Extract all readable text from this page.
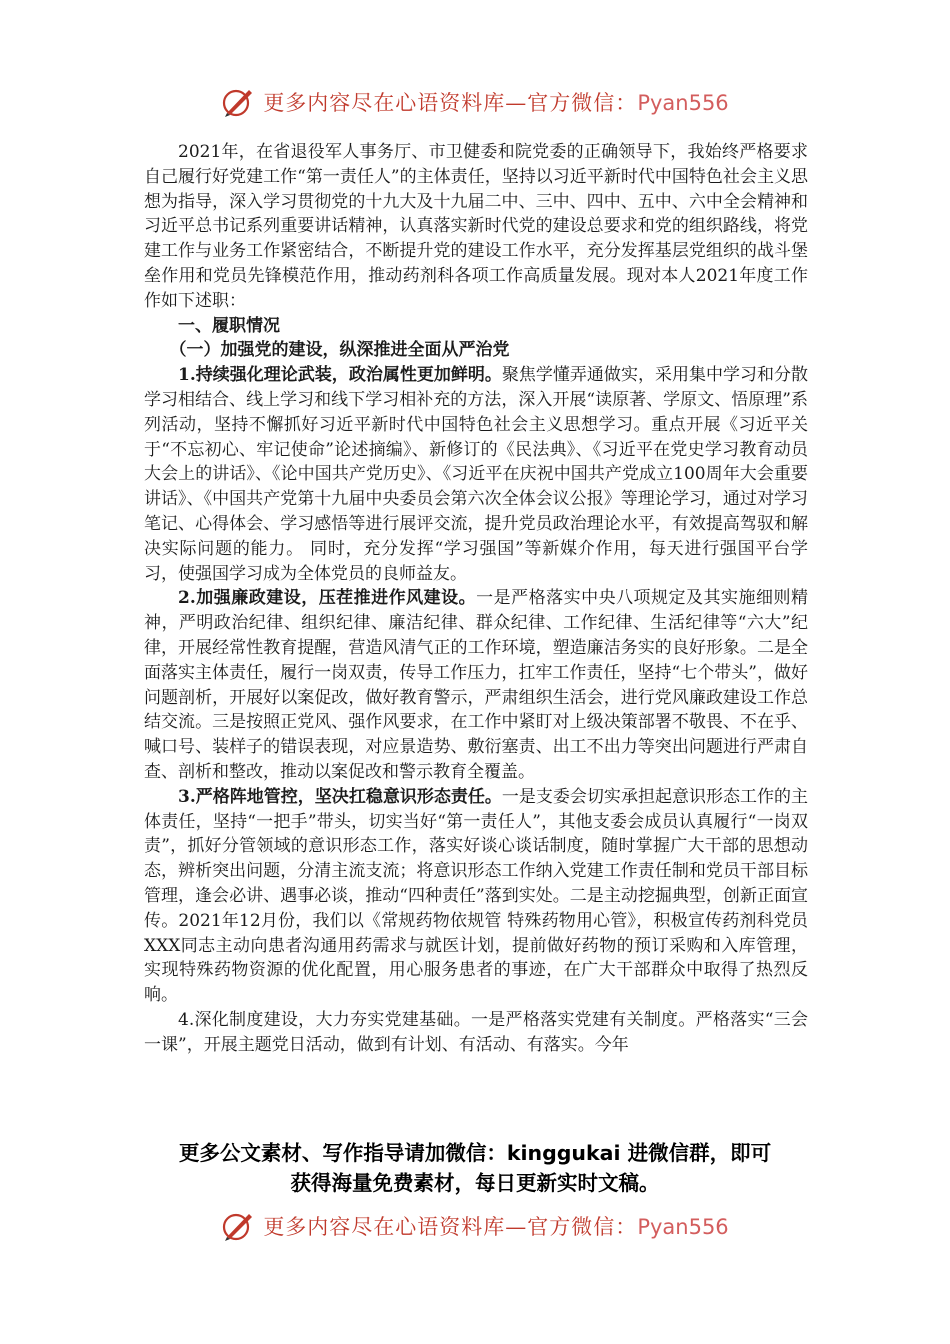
更多内容尽在心语资料库—官方微信：Pyan556

2021年，在省退役军人事务厅、市卫健委和院党委的正确领导下，我始终严格要求自己履行好党建工作“第一责任人”的主体责任，坚持以习近平新时代中国特色社会主义思想为指导，深入学习贯彻党的十九大及十九届二中、三中、四中、五中、六中全会精神和习近平总书记系列重要讲话精神，认真落实新时代党的建设总要求和党的组织路线，将党建工作与业务工作紧密结合，不断提升党的建设工作水平，充分发挥基层党组织的战斗堡垒作用和党员先锋模范作用，推动药剂科各项工作高质量发展。现对本人2021年度工作作如下述职：

一、履职情况

（一）加强党的建设，纵深推进全面从严治党

1.持续强化理论武装，政治属性更加鲜明。聚焦学懂弄通做实，采用集中学习和分散学习相结合、线上学习和线下学习相补充的方法，深入开展“读原著、学原文、悟原理”系列活动，坚持不懈抓好习近平新时代中国特色社会主义思想学习。重点开展《习近平关于“不忘初心、牢记使命”论述摘编》、新修订的《民法典》、《习近平在党史学习教育动员大会上的讲话》、《论中国共产党历史》、《习近平在庆祝中国共产党成立100周年大会重要讲话》、《中国共产党第十九届中央委员会第六次全体会议公报》等理论学习，通过对学习笔记、心得体会、学习感悟等进行展评交流，提升党员政治理论水平，有效提高驾驭和解决实际问题的能力。 同时，充分发挥“学习强国”等新媒介作用，每天进行强国平台学习，使强国学习成为全体党员的良师益友。

2.加强廉政建设，压茬推进作风建设。一是严格落实中央八项规定及其实施细则精神，严明政治纪律、组织纪律、廉洁纪律、群众纪律、工作纪律、生活纪律等“六大”纪律，开展经常性教育提醒，营造风清气正的工作环境，塑造廉洁务实的良好形象。二是全面落实主体责任，履行一岗双责，传导工作压力，扛牢工作责任，坚持“七个带头”，做好问题剖析，开展好以案促改，做好教育警示，严肃组织生活会，进行党风廉政建设工作总结交流。三是按照正党风、强作风要求，在工作中紧盯对上级决策部署不敬畏、不在乎、喊口号、装样子的错误表现，对应景造势、敷衍塞责、出工不出力等突出问题进行严肃自查、剖析和整改，推动以案促改和警示教育全覆盖。

3.严格阵地管控，坚决扛稳意识形态责任。一是支委会切实承担起意识形态工作的主体责任，坚持“一把手”带头，切实当好“第一责任人”，其他支委会成员认真履行“一岗双责”，抓好分管领域的意识形态工作，落实好谈心谈话制度，随时掌握广大干部的思想动态，辨析突出问题，分清主流支流；将意识形态工作纳入党建工作责任制和党员干部目标管理，逢会必讲、遇事必谈，推动“四种责任”落到实处。二是主动挖掘典型，创新正面宣传。2021年12月份，我们以《常规药物依规管 特殊药物用心管》，积极宣传药剂科党员XXX同志主动向患者沟通用药需求与就医计划，提前做好药物的预订采购和入库管理，实现特殊药物资源的优化配置，用心服务患者的事迹，在广大干部群众中取得了热烈反响。

4.深化制度建设，大力夯实党建基础。一是严格落实党建有关制度。严格落实“三会一课”，开展主题党日活动，做到有计划、有活动、有落实。今年

更多公文素材、写作指导请加微信：kinggukai 进微信群，即可
获得海量免费素材，每日更新实时文稿。
更多内容尽在心语资料库—官方微信：Pyan556
